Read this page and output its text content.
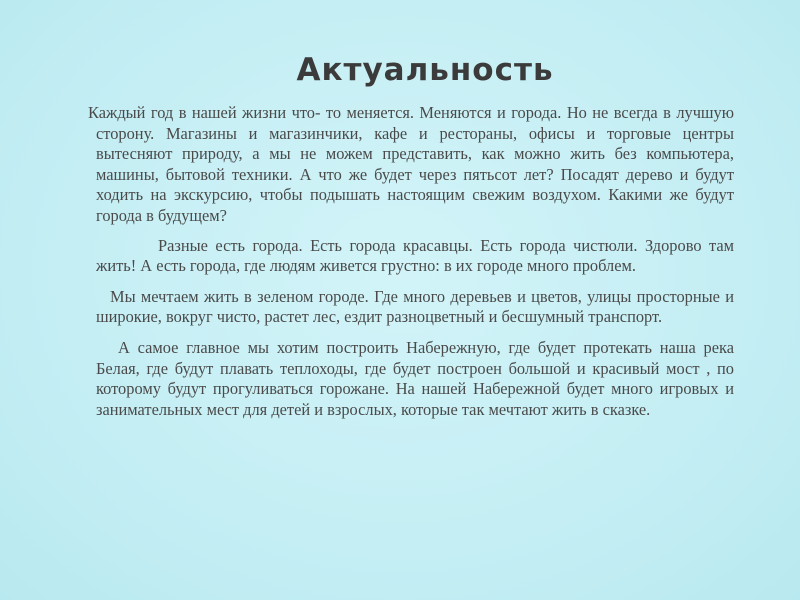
Актуальность

Каждый год в нашей жизни что- то меняется. Меняются и города. Но не всегда в лучшую сторону. Магазины и магазинчики, кафе и рестораны, офисы и торговые центры вытесняют природу, а мы не можем представить, как можно жить без компьютера, машины, бытовой техники. А что же будет через пятьсот лет? Посадят дерево и будут ходить на экскурсию, чтобы подышать настоящим свежим воздухом. Какими же будут города в будущем?

Разные есть города. Есть города красавцы. Есть города чистюли. Здорово там жить! А есть города, где людям живется грустно: в их городе много проблем.

Мы мечтаем жить в зеленом городе. Где много деревьев и цветов, улицы просторные и широкие, вокруг чисто, растет лес, ездит разноцветный и бесшумный транспорт.

А самое главное мы хотим построить Набережную, где будет протекать наша река Белая, где будут плавать теплоходы, где будет построен большой и красивый мост , по которому будут прогуливаться горожане. На нашей Набережной будет много игровых и занимательных мест для детей и взрослых, которые так мечтают жить в сказке.
